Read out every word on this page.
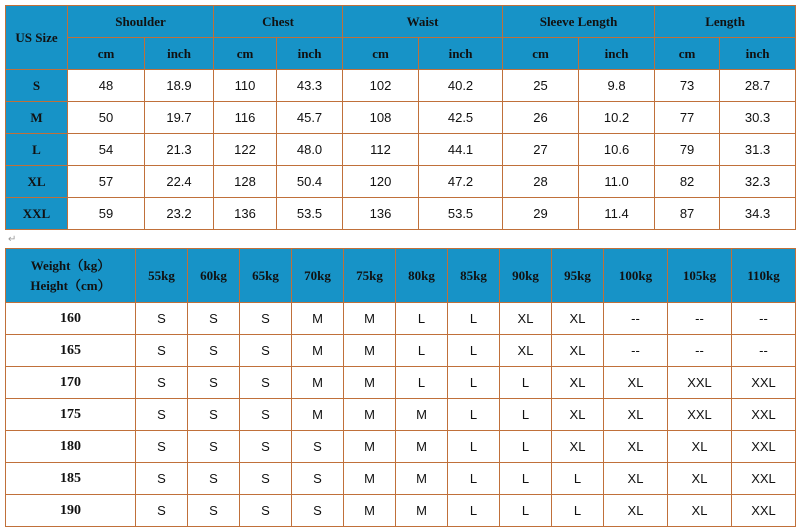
US Size	Shoulder		Chest		Waist		Sleeve Length		Length	
	cm	inch	cm	inch	cm	inch	cm	inch	cm	inch
S	48	18.9	110	43.3	102	40.2	25	9.8	73	28.7
M	50	19.7	116	45.7	108	42.5	26	10.2	77	30.3
L	54	21.3	122	48.0	112	44.1	27	10.6	79	31.3
XL	57	22.4	128	50.4	120	47.2	28	11.0	82	32.3
XXL	59	23.2	136	53.5	136	53.5	29	11.4	87	34.3
↵
Weight（kg）
Height（cm）	55kg	60kg	65kg	70kg	75kg	80kg	85kg	90kg	95kg	100kg	105kg	110kg
160	S	S	S	M	M	L	L	XL	XL	--	--	--
165	S	S	S	M	M	L	L	XL	XL	--	--	--
170	S	S	S	M	M	L	L	L	XL	XL	XXL	XXL
175	S	S	S	M	M	M	L	L	XL	XL	XXL	XXL
180	S	S	S	S	M	M	L	L	XL	XL	XL	XXL
185	S	S	S	S	M	M	L	L	L	XL	XL	XXL
190	S	S	S	S	M	M	L	L	L	XL	XL	XXL
